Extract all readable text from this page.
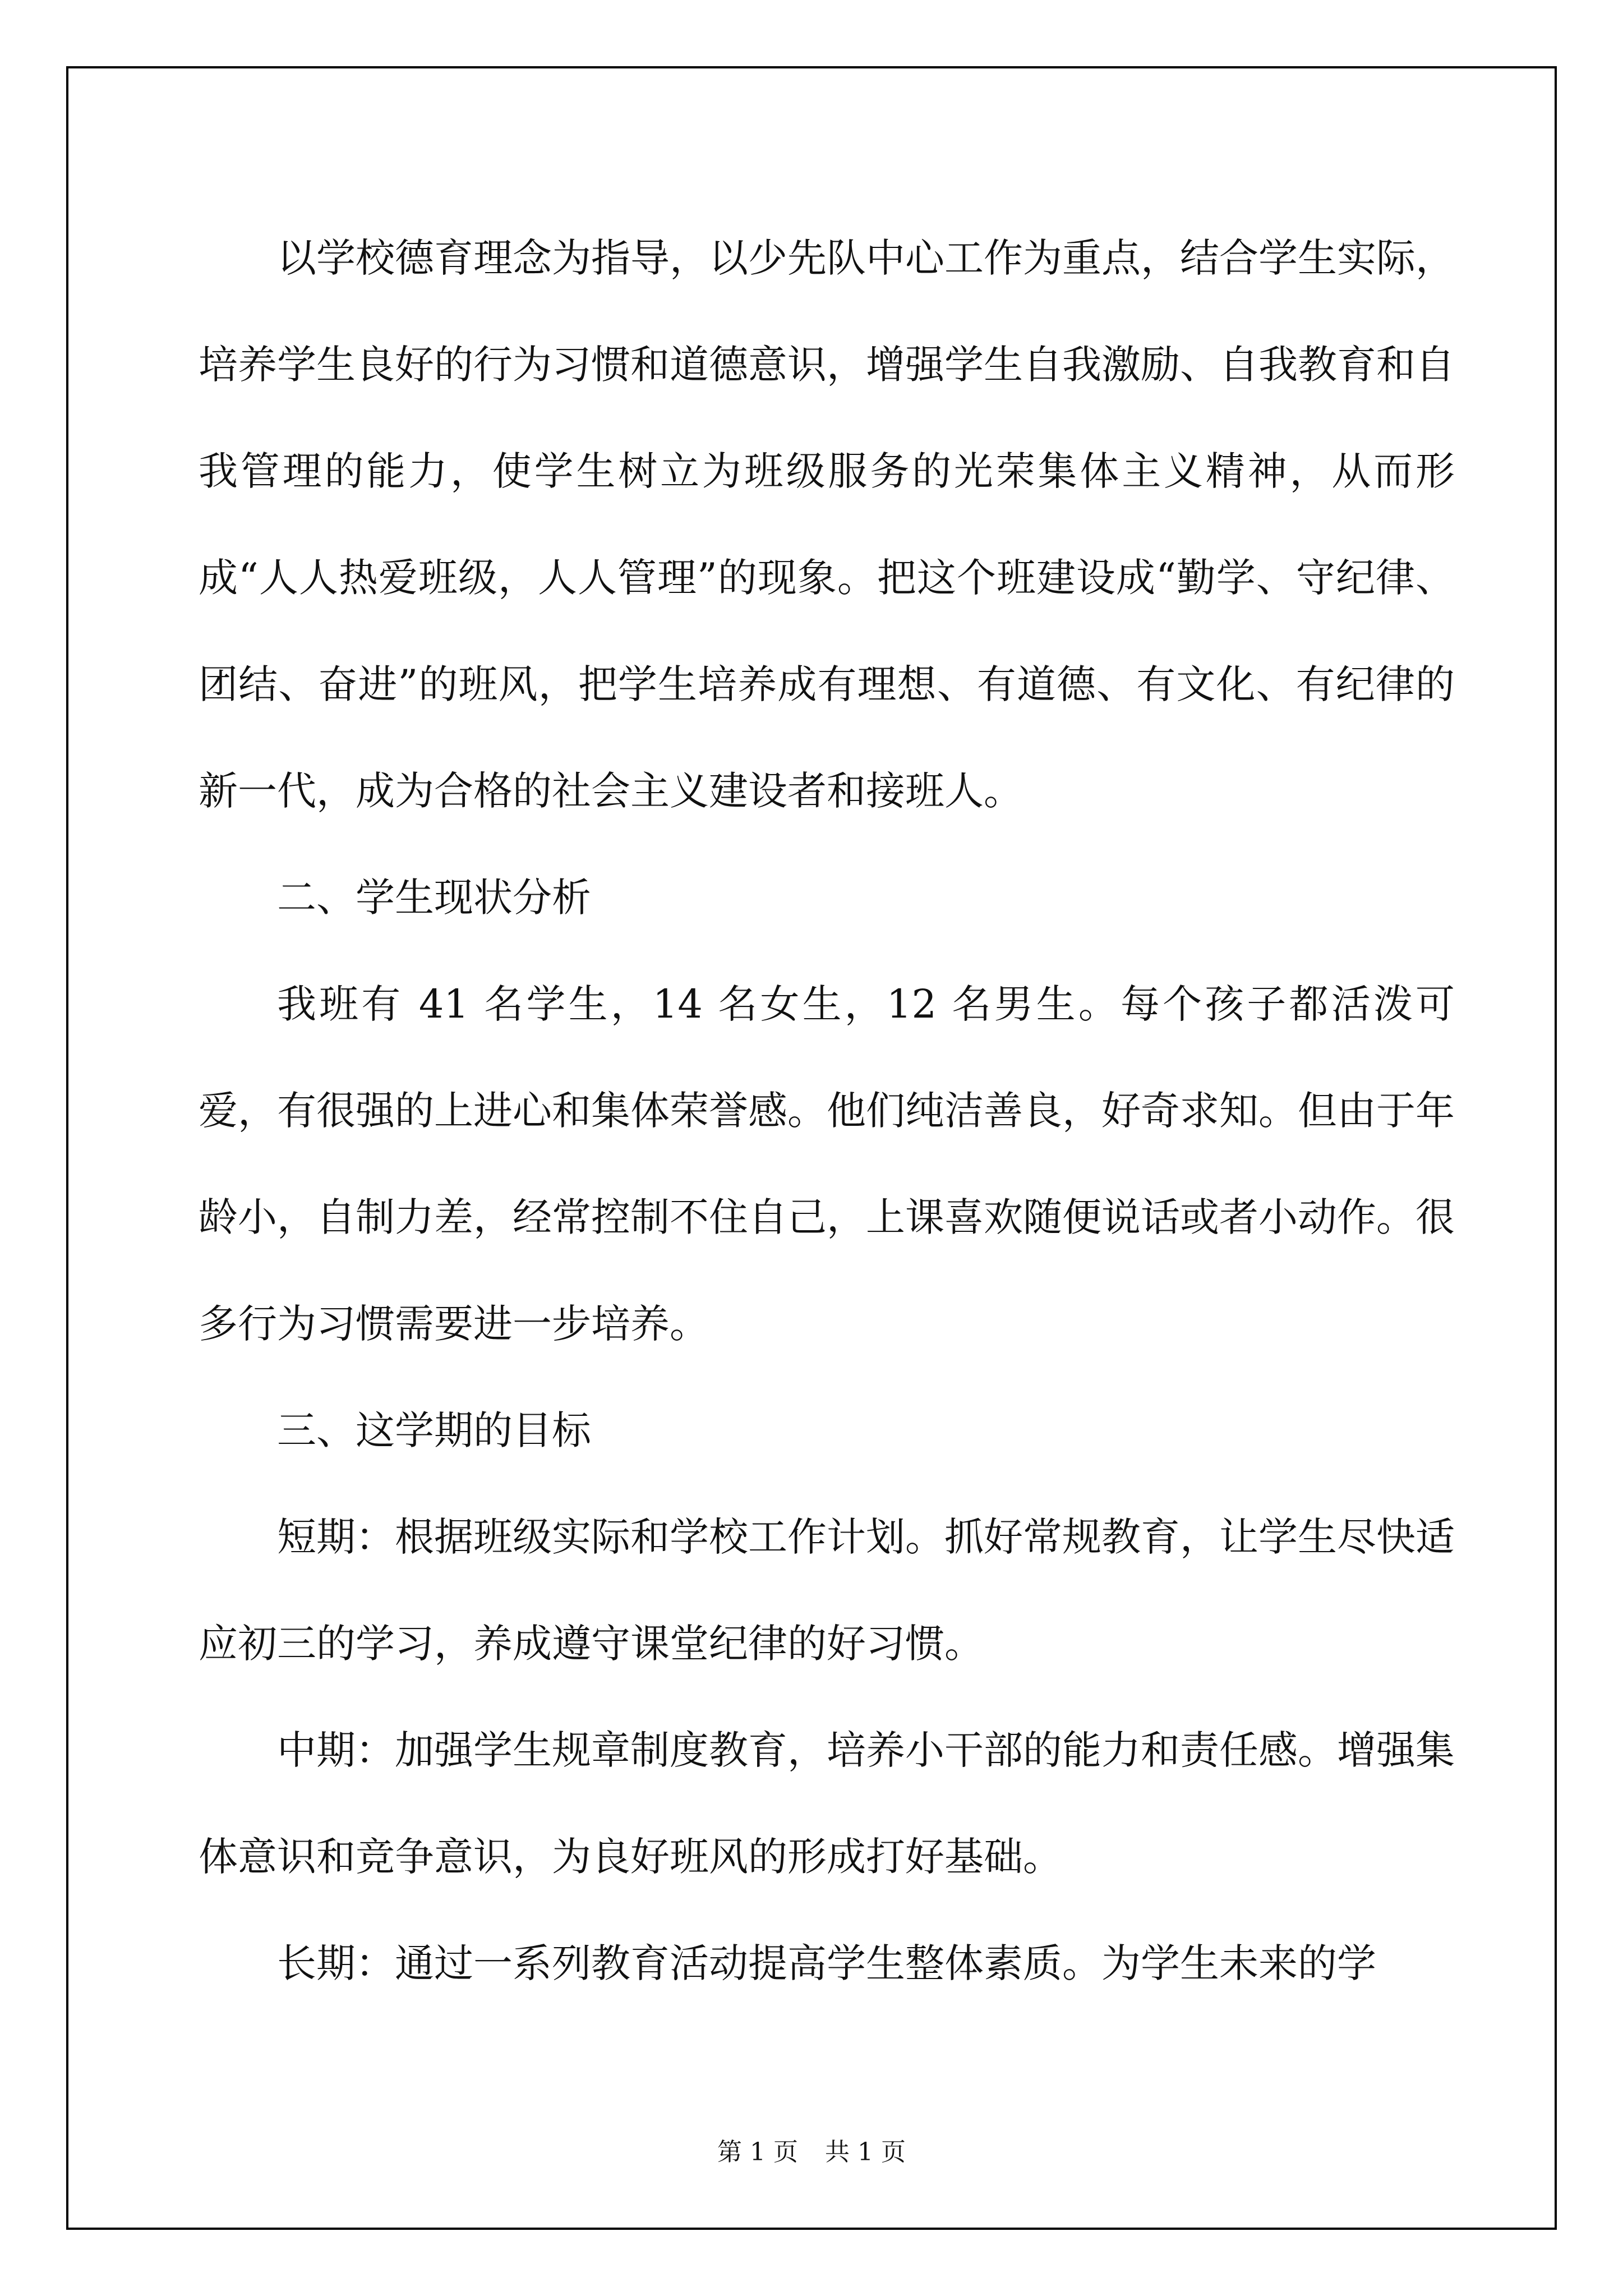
以学校德育理念为指导，以少先队中心工作为重点，结合学生实际，培养学生良好的行为习惯和道德意识，增强学生自我激励、自我教育和自我管理的能力，使学生树立为班级服务的光荣集体主义精神，从而形成“人人热爱班级，人人管理”的现象。把这个班建设成“勤学、守纪律、团结、奋进”的班风，把学生培养成有理想、有道德、有文化、有纪律的新一代，成为合格的社会主义建设者和接班人。

二、学生现状分析

我班有 41 名学生，14 名女生，12 名男生。每个孩子都活泼可爱，有很强的上进心和集体荣誉感。他们纯洁善良，好奇求知。但由于年龄小，自制力差，经常控制不住自己，上课喜欢随便说话或者小动作。很多行为习惯需要进一步培养。

三、这学期的目标

短期：根据班级实际和学校工作计划。抓好常规教育，让学生尽快适应初三的学习，养成遵守课堂纪律的好习惯。

中期：加强学生规章制度教育，培养小干部的能力和责任感。增强集体意识和竞争意识，为良好班风的形成打好基础。

长期：通过一系列教育活动提高学生整体素质。为学生未来的学

第 1 页 共 1 页
